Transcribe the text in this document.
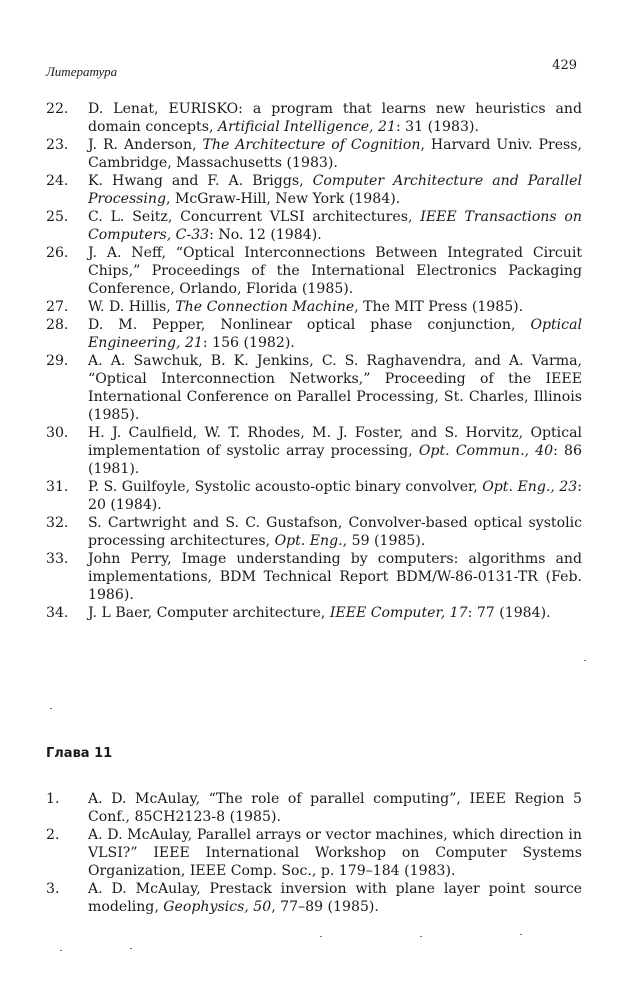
Литература	429
22.	D. Lenat, EURISKO: a program that learns new heuristics and domain concepts, Artificial Intelligence, 21: 31 (1983).
23.	J. R. Anderson, The Architecture of Cognition, Harvard Univ. Press, Cambridge, Massachusetts (1983).
24.	K. Hwang and F. A. Briggs, Computer Architecture and Parallel Processing, McGraw-Hill, New York (1984).
25.	C. L. Seitz, Concurrent VLSI architectures, IEEE Transactions on Computers, C-33: No. 12 (1984).
26.	J. A. Neff, “Optical Interconnections Between Integrated Circuit Chips,” Proceedings of the International Electronics Packaging Conference, Orlando, Florida (1985).
27.	W. D. Hillis, The Connection Machine, The MIT Press (1985).
28.	D. M. Pepper, Nonlinear optical phase conjunction, Optical Engineering, 21: 156 (1982).
29.	A. A. Sawchuk, B. K. Jenkins, C. S. Raghavendra, and A. Varma, “Optical Interconnection Networks,” Proceeding of the IEEE International Conference on Parallel Processing, St. Charles, Illinois (1985).
30.	H. J. Caulfield, W. T. Rhodes, M. J. Foster, and S. Horvitz, Optical implementation of systolic array processing, Opt. Commun., 40: 86 (1981).
31.	P. S. Guilfoyle, Systolic acousto-optic binary convolver, Opt. Eng., 23: 20 (1984).
32.	S. Cartwright and S. C. Gustafson, Convolver-based optical systolic processing architectures, Opt. Eng., 59 (1985).
33.	John Perry, Image understanding by computers: algorithms and implementations, BDM Technical Report BDM/W-86-0131-TR (Feb. 1986).
34.	J. L Baer, Computer architecture, IEEE Computer, 17: 77 (1984).
Глава 11
1.	A. D. McAulay, “The role of parallel computing”, IEEE Region 5 Conf., 85CH2123-8 (1985).
2.	A. D. McAulay, Parallel arrays or vector machines, which direction in VLSI?” IEEE International Workshop on Computer Systems Organization, IEEE Comp. Soc., p. 179–184 (1983).
3.	A. D. McAulay, Prestack inversion with plane layer point source modeling, Geophysics, 50, 77–89 (1985).
